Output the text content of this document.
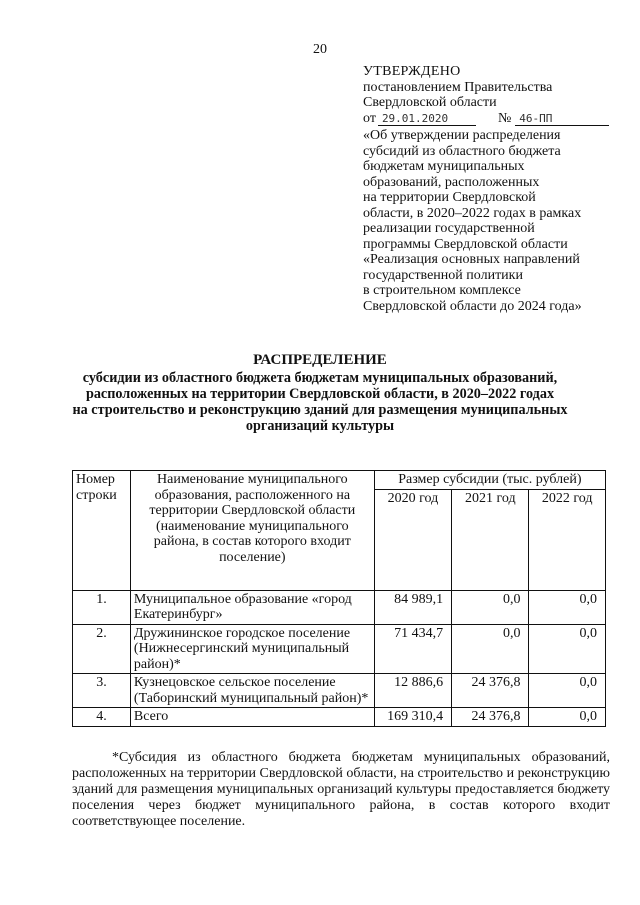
20
УТВЕРЖДЕНО
постановлением Правительства
Свердловской области
от 29.01.2020	№ 46-ПП
«Об утверждении распределения
субсидий из областного бюджета
бюджетам муниципальных
образований, расположенных
на территории Свердловской
области, в 2020–2022 годах в рамках
реализации государственной
программы Свердловской области
«Реализация основных направлений
государственной политики
в строительном комплексе
Свердловской области до 2024 года»
РАСПРЕДЕЛЕНИЕ
субсидии из областного бюджета бюджетам муниципальных образований,
расположенных на территории Свердловской области, в 2020–2022 годах
на строительство и реконструкцию зданий для размещения муниципальных
организаций культуры
Номер
строки	Наименование муниципального образования, расположенного на территории Свердловской области (наименование муниципального района, в состав которого входит поселение)	Размер субсидии (тыс. рублей)		
		2020 год	2021 год	2022 год
1.	Муниципальное образование «город Екатеринбург»	84 989,1	0,0	0,0
2.	Дружининское городское поселение (Нижнесергинский муниципальный район)*	71 434,7	0,0	0,0
3.	Кузнецовское сельское поселение (Таборинский муниципальный район)*	12 886,6	24 376,8	0,0
4.	Всего	169 310,4	24 376,8	0,0

*Субсидия из областного бюджета бюджетам муниципальных образований, расположенных на территории Свердловской области, на строительство и реконструкцию зданий для размещения муниципальных организаций культуры предоставляется бюджету поселения через бюджет муниципального района, в состав которого входит соответствующее поселение.
